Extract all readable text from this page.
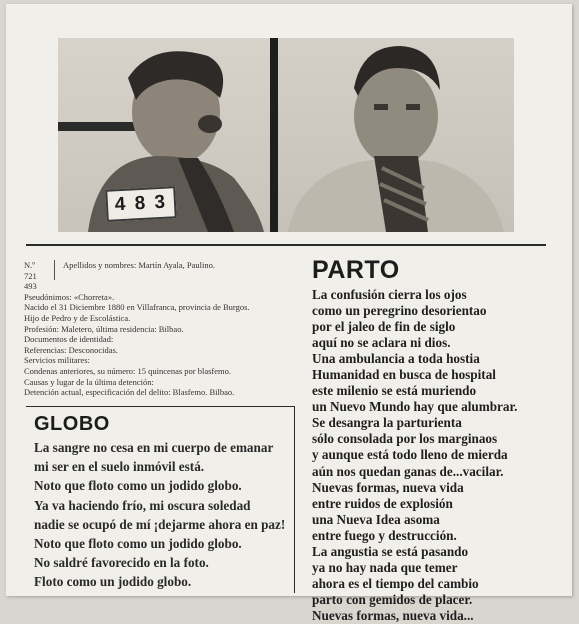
4 8 3
N.º 721
493
Apellidos y nombres: Martín Ayala, Paulino.
Pseudónimos: «Chorreta».
Nacido el 31 Diciembre 1880 en Villafranca, provincia de Burgos.
Hijo de Pedro y de Escolástica.
Profesión: Maletero, última residencia: Bilbao.
Documentos de identidad:
Referencias: Desconocidas.
Servicios militares:
Condenas anteriores, su número: 15 quincenas por blasfemo.
Causas y lugar de la última detención:
Detención actual, especificación del delito: Blasfemo. Bilbao.
GLOBO
La sangre no cesa en mi cuerpo de emanar
mi ser en el suelo inmóvil está.
Noto que floto como un jodido globo.
Ya va haciendo frío, mi oscura soledad
nadie se ocupó de mí ¡dejarme ahora en paz!
Noto que floto como un jodido globo.
No saldré favorecido en la foto.
Floto como un jodido globo.
PARTO
La confusión cierra los ojos
como un peregrino desorientao
por el jaleo de fin de siglo
aquí no se aclara ni dios.
Una ambulancia a toda hostia
Humanidad en busca de hospital
este milenio se está muriendo
un Nuevo Mundo hay que alumbrar.
Se desangra la parturienta
sólo consolada por los marginaos
y aunque está todo lleno de mierda
aún nos quedan ganas de...vacilar.
Nuevas formas, nueva vida
entre ruidos de explosión
una Nueva Idea asoma
entre fuego y destrucción.
La angustia se está pasando
ya no hay nada que temer
ahora es el tiempo del cambio
parto con gemidos de placer.
Nuevas formas, nueva vida...
